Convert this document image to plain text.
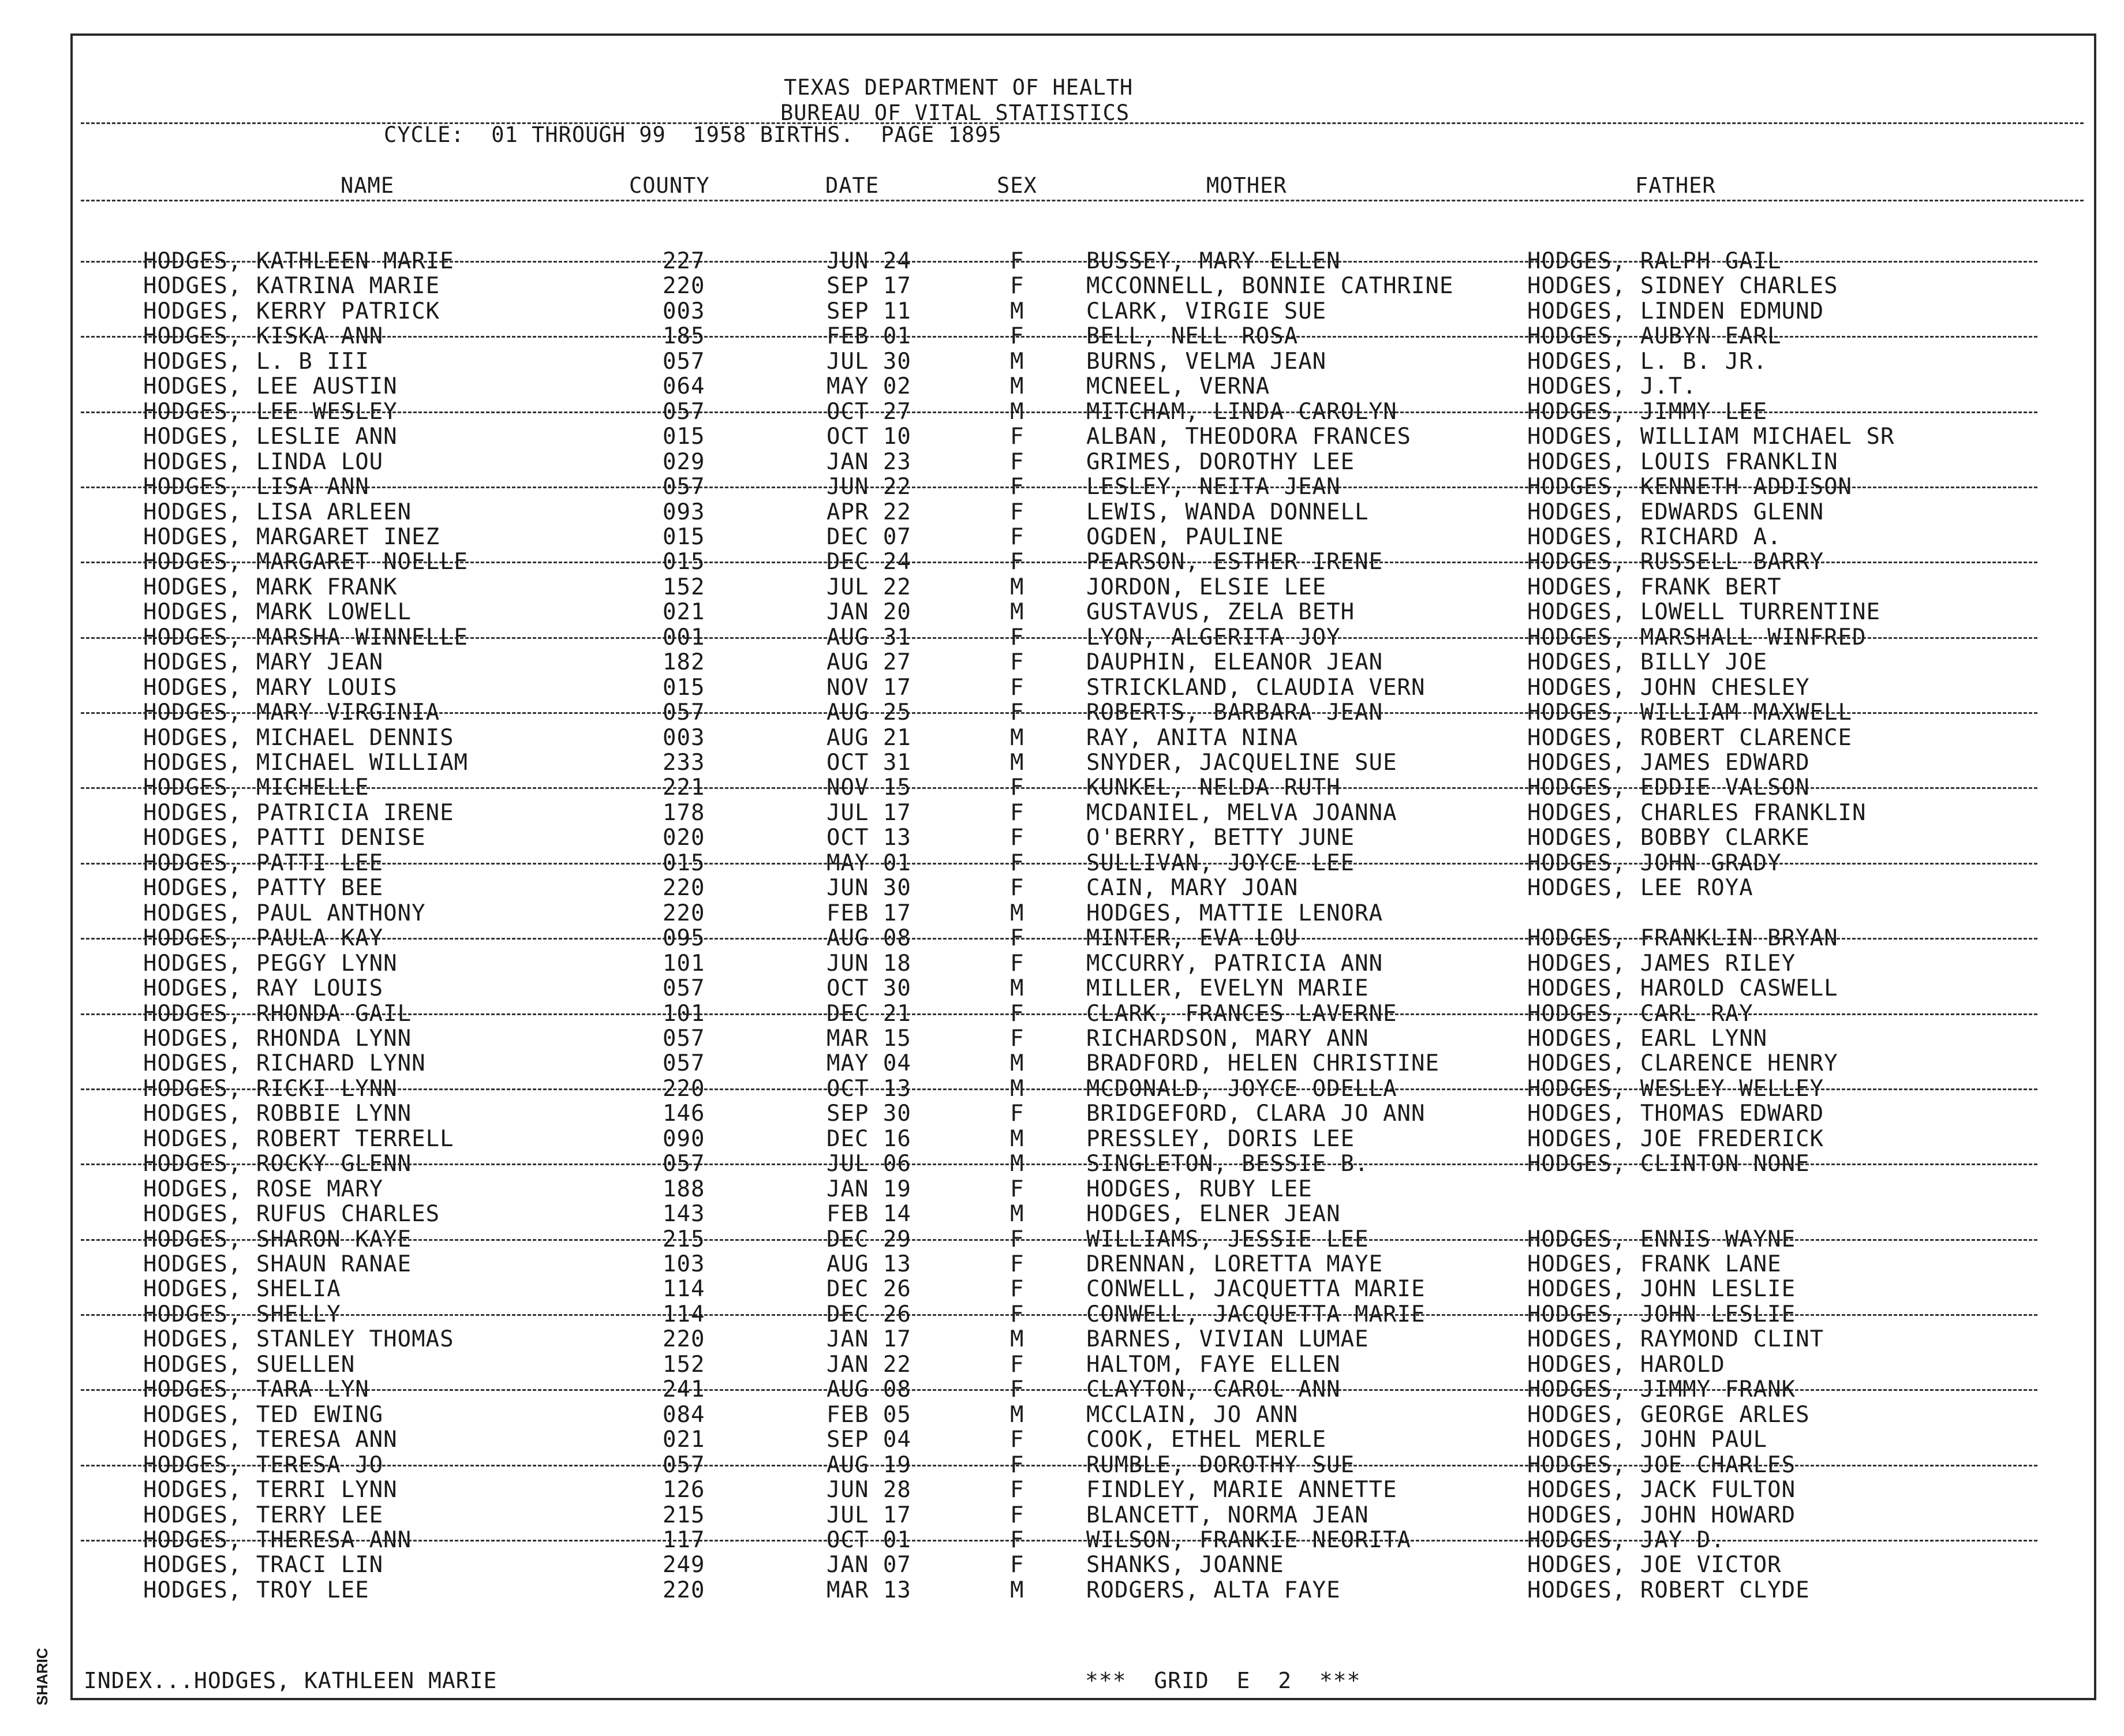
TEXAS DEPARTMENT OF HEALTH
BUREAU OF VITAL STATISTICS
CYCLE:  01 THROUGH 99  1958 BIRTHS.  PAGE 1895
NAME	COUNTY	DATE	SEX	MOTHER	FATHER
HODGES, KATHLEEN MARIE	227	JUN 24	F	BUSSEY, MARY ELLEN	HODGES, RALPH GAIL
HODGES, KATRINA MARIE	220	SEP 17	F	MCCONNELL, BONNIE CATHRINE	HODGES, SIDNEY CHARLES
HODGES, KERRY PATRICK	003	SEP 11	M	CLARK, VIRGIE SUE	HODGES, LINDEN EDMUND
HODGES, KISKA ANN	185	FEB 01	F	BELL, NELL ROSA	HODGES, AUBYN EARL
HODGES, L. B III	057	JUL 30	M	BURNS, VELMA JEAN	HODGES, L. B. JR.
HODGES, LEE AUSTIN	064	MAY 02	M	MCNEEL, VERNA	HODGES, J.T.
HODGES, LEE WESLEY	057	OCT 27	M	MITCHAM, LINDA CAROLYN	HODGES, JIMMY LEE
HODGES, LESLIE ANN	015	OCT 10	F	ALBAN, THEODORA FRANCES	HODGES, WILLIAM MICHAEL SR
HODGES, LINDA LOU	029	JAN 23	F	GRIMES, DOROTHY LEE	HODGES, LOUIS FRANKLIN
HODGES, LISA ANN	057	JUN 22	F	LESLEY, NEITA JEAN	HODGES, KENNETH ADDISON
HODGES, LISA ARLEEN	093	APR 22	F	LEWIS, WANDA DONNELL	HODGES, EDWARDS GLENN
HODGES, MARGARET INEZ	015	DEC 07	F	OGDEN, PAULINE	HODGES, RICHARD A.
HODGES, MARGARET NOELLE	015	DEC 24	F	PEARSON, ESTHER IRENE	HODGES, RUSSELL BARRY
HODGES, MARK FRANK	152	JUL 22	M	JORDON, ELSIE LEE	HODGES, FRANK BERT
HODGES, MARK LOWELL	021	JAN 20	M	GUSTAVUS, ZELA BETH	HODGES, LOWELL TURRENTINE
HODGES, MARSHA WINNELLE	001	AUG 31	F	LYON, ALGERITA JOY	HODGES, MARSHALL WINFRED
HODGES, MARY JEAN	182	AUG 27	F	DAUPHIN, ELEANOR JEAN	HODGES, BILLY JOE
HODGES, MARY LOUIS	015	NOV 17	F	STRICKLAND, CLAUDIA VERN	HODGES, JOHN CHESLEY
HODGES, MARY VIRGINIA	057	AUG 25	F	ROBERTS, BARBARA JEAN	HODGES, WILLIAM MAXWELL
HODGES, MICHAEL DENNIS	003	AUG 21	M	RAY, ANITA NINA	HODGES, ROBERT CLARENCE
HODGES, MICHAEL WILLIAM	233	OCT 31	M	SNYDER, JACQUELINE SUE	HODGES, JAMES EDWARD
HODGES, MICHELLE	221	NOV 15	F	KUNKEL, NELDA RUTH	HODGES, EDDIE VALSON
HODGES, PATRICIA IRENE	178	JUL 17	F	MCDANIEL, MELVA JOANNA	HODGES, CHARLES FRANKLIN
HODGES, PATTI DENISE	020	OCT 13	F	O'BERRY, BETTY JUNE	HODGES, BOBBY CLARKE
HODGES, PATTI LEE	015	MAY 01	F	SULLIVAN, JOYCE LEE	HODGES, JOHN GRADY
HODGES, PATTY BEE	220	JUN 30	F	CAIN, MARY JOAN	HODGES, LEE ROYA
HODGES, PAUL ANTHONY	220	FEB 17	M	HODGES, MATTIE LENORA
HODGES, PAULA KAY	095	AUG 08	F	MINTER, EVA LOU	HODGES, FRANKLIN BRYAN
HODGES, PEGGY LYNN	101	JUN 18	F	MCCURRY, PATRICIA ANN	HODGES, JAMES RILEY
HODGES, RAY LOUIS	057	OCT 30	M	MILLER, EVELYN MARIE	HODGES, HAROLD CASWELL
HODGES, RHONDA GAIL	101	DEC 21	F	CLARK, FRANCES LAVERNE	HODGES, CARL RAY
HODGES, RHONDA LYNN	057	MAR 15	F	RICHARDSON, MARY ANN	HODGES, EARL LYNN
HODGES, RICHARD LYNN	057	MAY 04	M	BRADFORD, HELEN CHRISTINE	HODGES, CLARENCE HENRY
HODGES, RICKI LYNN	220	OCT 13	M	MCDONALD, JOYCE ODELLA	HODGES, WESLEY WELLEY
HODGES, ROBBIE LYNN	146	SEP 30	F	BRIDGEFORD, CLARA JO ANN	HODGES, THOMAS EDWARD
HODGES, ROBERT TERRELL	090	DEC 16	M	PRESSLEY, DORIS LEE	HODGES, JOE FREDERICK
HODGES, ROCKY GLENN	057	JUL 06	M	SINGLETON, BESSIE B.	HODGES, CLINTON NONE
HODGES, ROSE MARY	188	JAN 19	F	HODGES, RUBY LEE
HODGES, RUFUS CHARLES	143	FEB 14	M	HODGES, ELNER JEAN
HODGES, SHARON KAYE	215	DEC 29	F	WILLIAMS, JESSIE LEE	HODGES, ENNIS WAYNE
HODGES, SHAUN RANAE	103	AUG 13	F	DRENNAN, LORETTA MAYE	HODGES, FRANK LANE
HODGES, SHELIA	114	DEC 26	F	CONWELL, JACQUETTA MARIE	HODGES, JOHN LESLIE
HODGES, SHELLY	114	DEC 26	F	CONWELL, JACQUETTA MARIE	HODGES, JOHN LESLIE
HODGES, STANLEY THOMAS	220	JAN 17	M	BARNES, VIVIAN LUMAE	HODGES, RAYMOND CLINT
HODGES, SUELLEN	152	JAN 22	F	HALTOM, FAYE ELLEN	HODGES, HAROLD
HODGES, TARA LYN	241	AUG 08	F	CLAYTON, CAROL ANN	HODGES, JIMMY FRANK
HODGES, TED EWING	084	FEB 05	M	MCCLAIN, JO ANN	HODGES, GEORGE ARLES
HODGES, TERESA ANN	021	SEP 04	F	COOK, ETHEL MERLE	HODGES, JOHN PAUL
HODGES, TERESA JO	057	AUG 19	F	RUMBLE, DOROTHY SUE	HODGES, JOE CHARLES
HODGES, TERRI LYNN	126	JUN 28	F	FINDLEY, MARIE ANNETTE	HODGES, JACK FULTON
HODGES, TERRY LEE	215	JUL 17	F	BLANCETT, NORMA JEAN	HODGES, JOHN HOWARD
HODGES, THERESA ANN	117	OCT 01	F	WILSON, FRANKIE NEORITA	HODGES, JAY D.
HODGES, TRACI LIN	249	JAN 07	F	SHANKS, JOANNE	HODGES, JOE VICTOR
HODGES, TROY LEE	220	MAR 13	M	RODGERS, ALTA FAYE	HODGES, ROBERT CLYDE
INDEX...HODGES, KATHLEEN MARIE	***  GRID  E  2  ***
SHARIC
